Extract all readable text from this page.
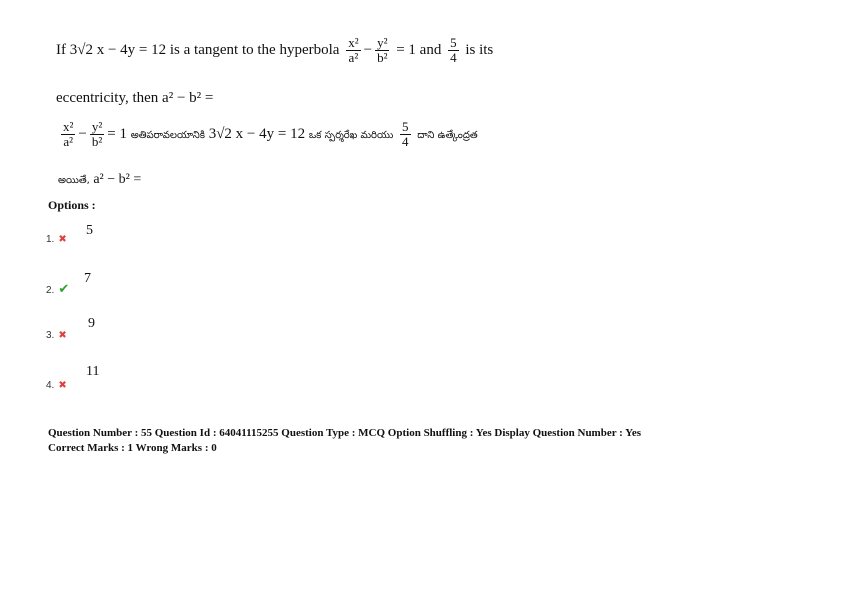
If 3√2 x − 4y = 12 is a tangent to the hyperbola $\frac{\text{x²}}{\text{a²}} - \frac{\text{y²}}{\text{b²}} = 1$ and $\frac{5}{4}$ is its
eccentricity, then a² − b² =
$\frac{\text{x²}}{\text{a²}} - \frac{\text{y²}}{\text{b²}} = 1$ అతిపరావలయానికి 3√2 x − 4y = 12 ఒక స్పర్శరేఖ మరియు $\frac{5}{4}$ దాని ఉత్కేంద్రత
అయితే, a² − b² =
Options :
1. ✖
5
2. ✔
7
3. ✖
9
4. ✖
11
Question Number : 55 Question Id : 64041115255 Question Type : MCQ Option Shuffling : Yes Display Question Number : Yes
Correct Marks : 1 Wrong Marks : 0
